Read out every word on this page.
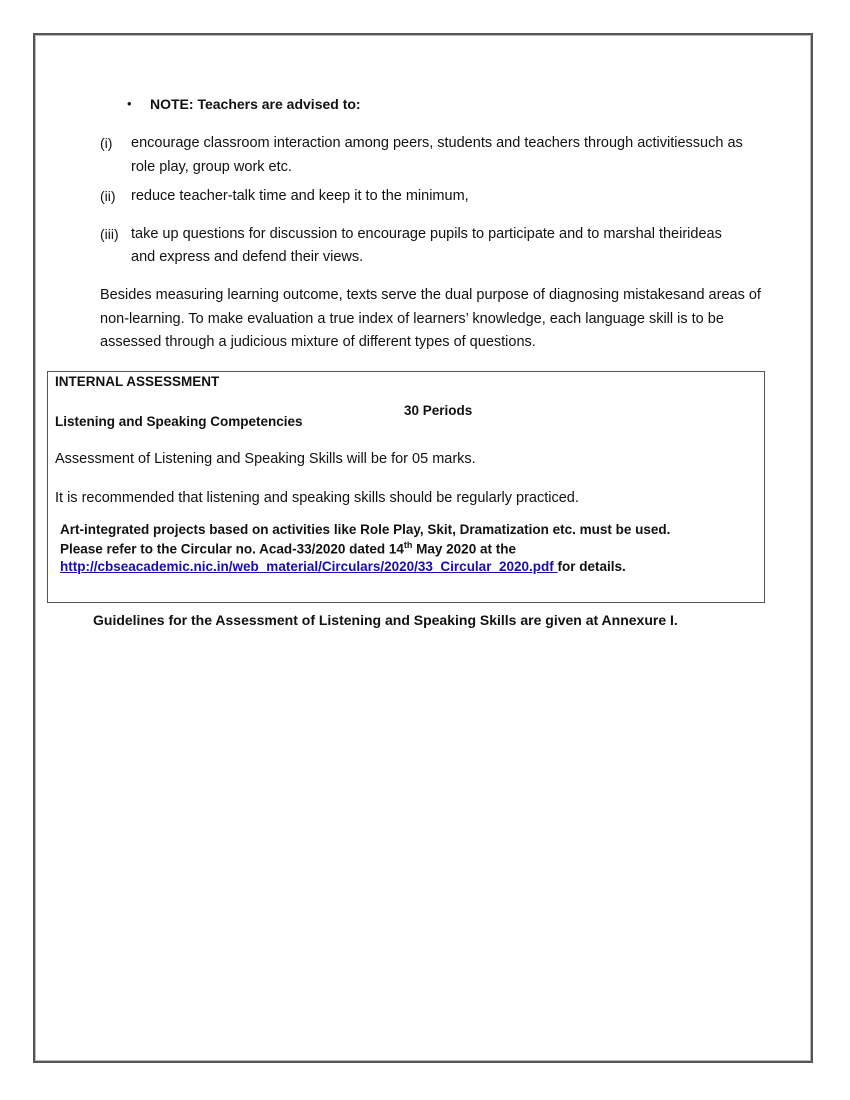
• NOTE: Teachers are advised to:
(i) encourage classroom interaction among peers, students and teachers through activitiessuch as
role play, group work etc.
(ii) reduce teacher-talk time and keep it to the minimum,
(iii) take up questions for discussion to encourage pupils to participate and to marshal theirideas
and express and defend their views.
Besides measuring learning outcome, texts serve the dual purpose of diagnosing mistakesand areas of
non-learning. To make evaluation a true index of learners’ knowledge, each language skill is to be
assessed through a judicious mixture of different types of questions.
INTERNAL ASSESSMENT
30 Periods
Listening and Speaking Competencies
Assessment of Listening and Speaking Skills will be for 05 marks.
It is recommended that listening and speaking skills should be regularly practiced.
Art-integrated projects based on activities like Role Play, Skit, Dramatization etc. must be used.
Please refer to the Circular no. Acad-33/2020 dated 14th May 2020 at the
http://cbseacademic.nic.in/web_material/Circulars/2020/33_Circular_2020.pdf for details.
Guidelines for the Assessment of Listening and Speaking Skills are given at Annexure I.
